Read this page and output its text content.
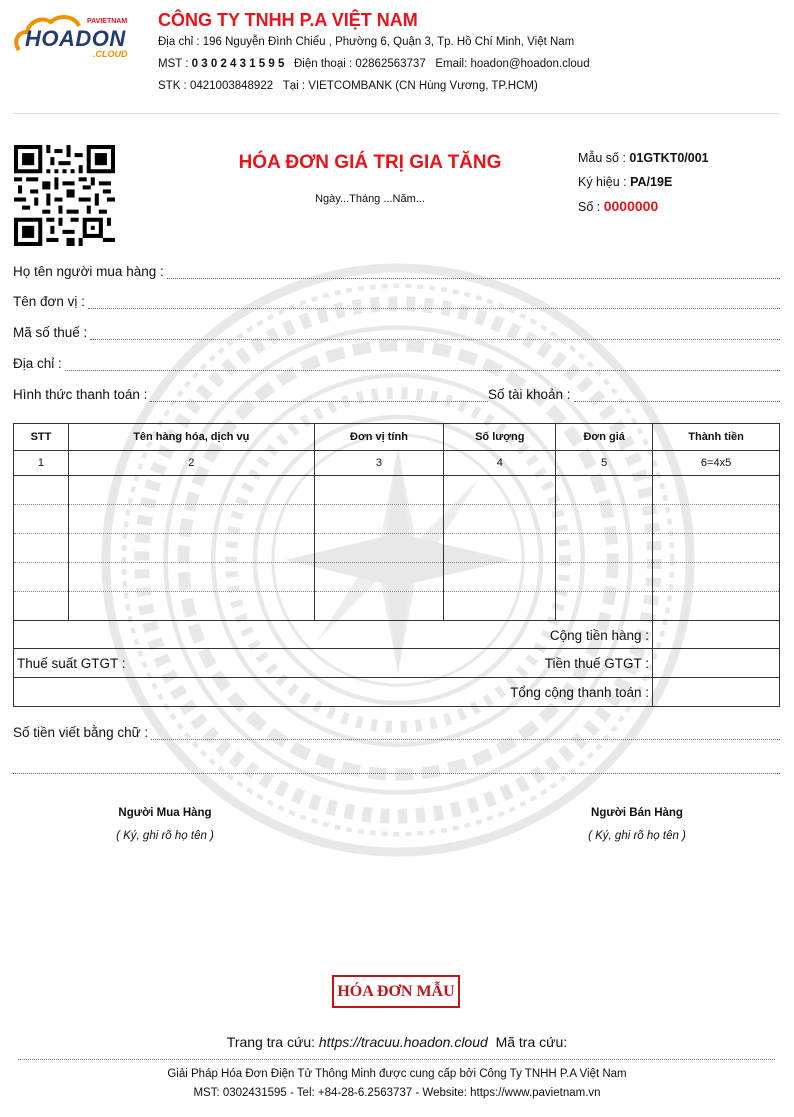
PAVIETNAM
HOADON
.CLOUD
CÔNG TY TNHH P.A VIỆT NAM
Địa chỉ : 196 Nguyễn Đình Chiểu , Phường 6, Quận 3, Tp. Hồ Chí Minh, Việt Nam
MST : 0 3 0 2 4 3 1 5 9 5 Điện thoại : 02862563737 Email: hoadon@hoadon.cloud
STK : 0421003848922 Tại : VIETCOMBANK (CN Hùng Vương, TP.HCM)
HÓA ĐƠN GIÁ TRỊ GIA TĂNG
Ngày...Tháng ...Năm...
Mẫu số : 01GTKT0/001
Ký hiệu : PA/19E
Số : 0000000
Họ tên người mua hàng :
Tên đơn vị :
Mã số thuế :
Địa chỉ :
Hình thức thanh toán :	Số tài khoản :
STT	Tên hàng hóa, dịch vụ	Đơn vị tính	Số lượng	Đơn giá	Thành tiền
1	2	3	4	5	6=4x5

Cộng tiền hàng :
Thuế suất GTGT :	Tiền thuế GTGT :
Tổng cộng thanh toán :
Số tiền viết bằng chữ :
Người Mua Hàng
( Ký, ghi rõ họ tên )
Người Bán Hàng
( Ký, ghi rõ họ tên )
HÓA ĐƠN MẪU
Trang tra cứu: https://tracuu.hoadon.cloud Mã tra cứu:
Giải Pháp Hóa Đơn Điện Tử Thông Minh được cung cấp bởi Công Ty TNHH P.A Việt Nam
MST: 0302431595 - Tel: +84-28-6.2563737 - Website: https://www.pavietnam.vn
